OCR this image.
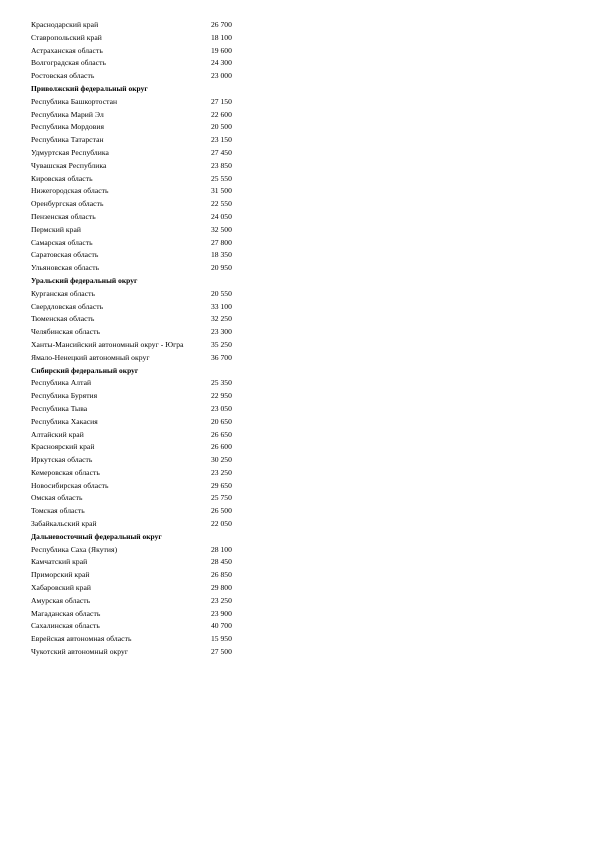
Краснодарский край	26 700
Ставропольский край	18 100
Астраханская область	19 600
Волгоградская область	24 300
Ростовская область	23 000
Приволжский федеральный округ
Республика Башкортостан	27 150
Республика Марий Эл	22 600
Республика Мордовия	20 500
Республика Татарстан	23 150
Удмуртская Республика	27 450
Чувашская Республика	23 850
Кировская область	25 550
Нижегородская область	31 500
Оренбургская область	22 550
Пензенская область	24 050
Пермский край	32 500
Самарская область	27 800
Саратовская область	18 350
Ульяновская область	20 950
Уральский федеральный округ
Курганская область	20 550
Свердловская область	33 100
Тюменская область	32 250
Челябинская область	23 300
Ханты-Мансийский автономный округ - Югра	35 250
Ямало-Ненецкий автономный округ	36 700
Сибирский федеральный округ
Республика Алтай	25 350
Республика Бурятия	22 950
Республика Тыва	23 050
Республика Хакасия	20 650
Алтайский край	26 650
Красноярский край	26 600
Иркутская область	30 250
Кемеровская область	23 250
Новосибирская область	29 650
Омская область	25 750
Томская область	26 500
Забайкальский край	22 050
Дальневосточный федеральный округ
Республика Саха (Якутия)	28 100
Камчатский край	28 450
Приморский край	26 850
Хабаровский край	29 800
Амурская область	23 250
Магаданская область	23 900
Сахалинская область	40 700
Еврейская автономная область	15 950
Чукотский автономный округ	27 500
